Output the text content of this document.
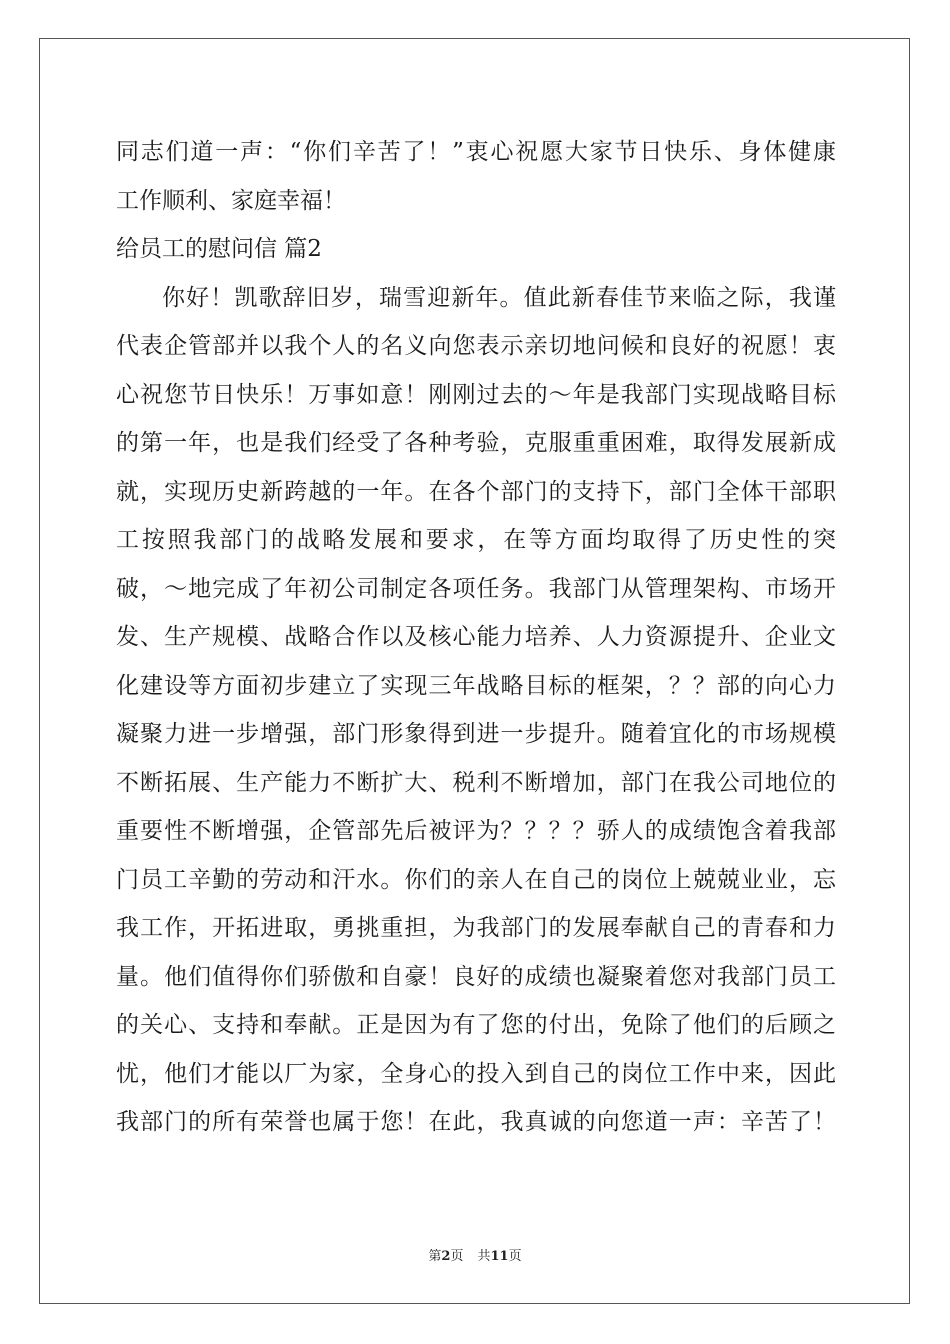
同志们道一声：“你们辛苦了！”衷心祝愿大家节日快乐、身体健康
工作顺利、家庭幸福！
给员工的慰问信 篇2
你好！凯歌辞旧岁，瑞雪迎新年。值此新春佳节来临之际，我谨
代表企管部并以我个人的名义向您表示亲切地问候和良好的祝愿！衷
心祝您节日快乐！万事如意！刚刚过去的～年是我部门实现战略目标
的第一年，也是我们经受了各种考验，克服重重困难，取得发展新成
就，实现历史新跨越的一年。在各个部门的支持下，部门全体干部职
工按照我部门的战略发展和要求，在等方面均取得了历史性的突
破，～地完成了年初公司制定各项任务。我部门从管理架构、市场开
发、生产规模、战略合作以及核心能力培养、人力资源提升、企业文
化建设等方面初步建立了实现三年战略目标的框架，？？部的向心力
凝聚力进一步增强，部门形象得到进一步提升。随着宜化的市场规模
不断拓展、生产能力不断扩大、税利不断增加，部门在我公司地位的
重要性不断增强，企管部先后被评为？？？？骄人的成绩饱含着我部
门员工辛勤的劳动和汗水。你们的亲人在自己的岗位上兢兢业业，忘
我工作，开拓进取，勇挑重担，为我部门的发展奉献自己的青春和力
量。他们值得你们骄傲和自豪！良好的成绩也凝聚着您对我部门员工
的关心、支持和奉献。正是因为有了您的付出，免除了他们的后顾之
忧，他们才能以厂为家，全身心的投入到自己的岗位工作中来，因此
我部门的所有荣誉也属于您！在此，我真诚的向您道一声：辛苦了！
第2页 共11页
